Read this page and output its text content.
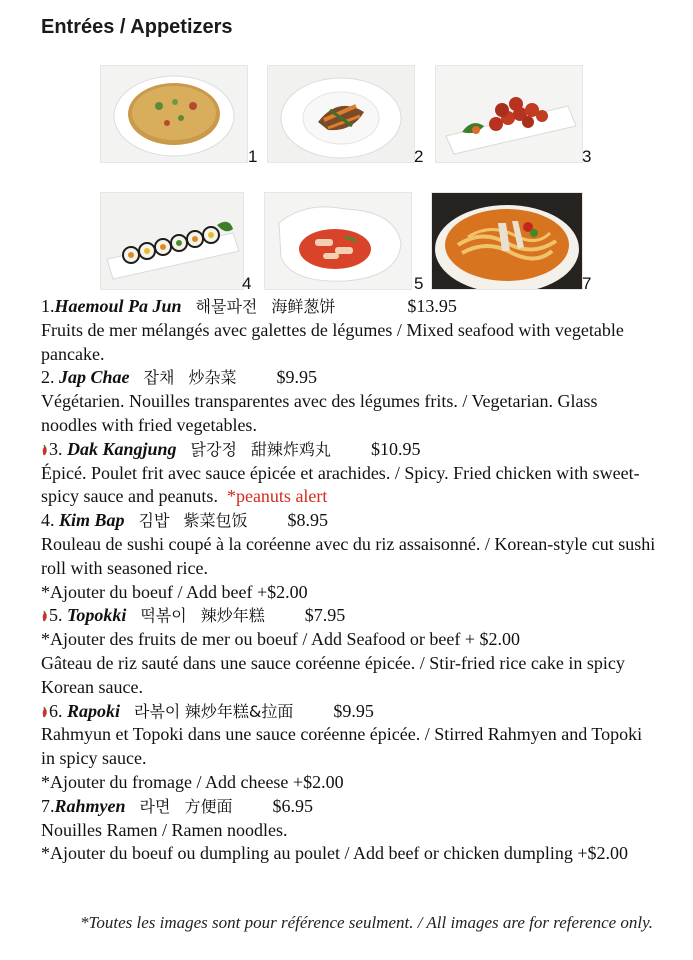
Entrées / Appetizers
1	2	3
4	5	7

1.Haemoul Pa Jun 해물파전 海鲜葱饼	$13.95

Fruits de mer mélangés avec galettes de légumes / Mixed seafood with vegetable pancake.

2. Jap Chae 잡채 炒杂菜 $9.95

Végétarien. Nouilles transparentes avec des légumes frits. / Vegetarian. Glass noodles with fried vegetables.

3. Dak Kangjung 닭강정 甜辣炸鸡丸 $10.95

Épicé. Poulet frit avec sauce épicée et arachides. / Spicy. Fried chicken with sweet-spicy sauce and peanuts. *peanuts alert

4. Kim Bap 김밥 紫菜包饭 $8.95

Rouleau de sushi coupé à la coréenne avec du riz assaisonné. / Korean-style cut sushi roll with seasoned rice.

*Ajouter du boeuf / Add beef +$2.00

5. Topokki 떡볶이 辣炒年糕 $7.95

*Ajouter des fruits de mer ou boeuf / Add Seafood or beef + $2.00

Gâteau de riz sauté dans une sauce coréenne épicée. / Stir-fried rice cake in spicy Korean sauce.

6. Rapoki 라볶이 辣炒年糕&拉面 $9.95

Rahmyun et Topoki dans une sauce coréenne épicée. / Stirred Rahmyen and Topoki in spicy sauce.

*Ajouter du fromage / Add cheese +$2.00

7.Rahmyen 라면 方便面 $6.95

Nouilles Ramen / Ramen noodles.

*Ajouter du boeuf ou dumpling au poulet / Add beef or chicken dumpling +$2.00

*Toutes les images sont pour référence seulment. / All images are for reference only.
